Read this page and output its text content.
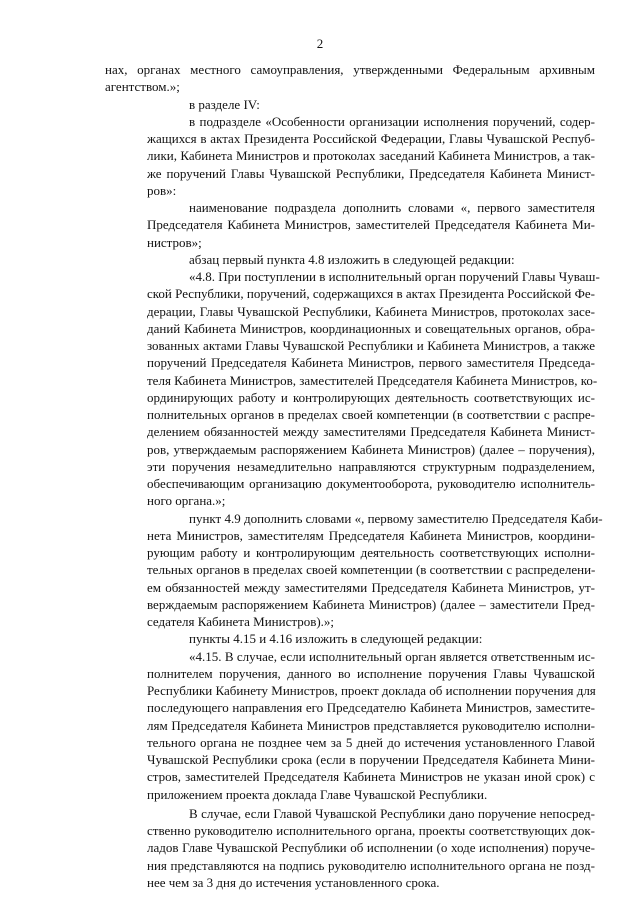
2

нах, органах местного самоуправления, утвержденными Федеральным архивным
агентством.»;

в разделе IV:

в подразделе «Особенности организации исполнения поручений, содер-
жащихся в актах Президента Российской Федерации, Главы Чувашской Респуб-
лики, Кабинета Министров и протоколах заседаний Кабинета Министров, а так-
же поручений Главы Чувашской Республики, Председателя Кабинета Минист-
ров»:

наименование подраздела дополнить словами «, первого заместителя
Председателя Кабинета Министров, заместителей Председателя Кабинета Ми-
нистров»;

абзац первый пункта 4.8 изложить в следующей редакции:

«4.8. При поступлении в исполнительный орган поручений Главы Чуваш-
ской Республики, поручений, содержащихся в актах Президента Российской Фе-
дерации, Главы Чувашской Республики, Кабинета Министров, протоколах засе-
даний Кабинета Министров, координационных и совещательных органов, обра-
зованных актами Главы Чувашской Республики и Кабинета Министров, а также
поручений Председателя Кабинета Министров, первого заместителя Председа-
теля Кабинета Министров, заместителей Председателя Кабинета Министров, ко-
ординирующих работу и контролирующих деятельность соответствующих ис-
полнительных органов в пределах своей компетенции (в соответствии с распре-
делением обязанностей между заместителями Председателя Кабинета Минист-
ров, утверждаемым распоряжением Кабинета Министров) (далее – поручения),
эти поручения незамедлительно направляются структурным подразделением,
обеспечивающим организацию документооборота, руководителю исполнитель-
ного органа.»;

пункт 4.9 дополнить словами «, первому заместителю Председателя Каби-
нета Министров, заместителям Председателя Кабинета Министров, координи-
рующим работу и контролирующим деятельность соответствующих исполни-
тельных органов в пределах своей компетенции (в соответствии с распределени-
ем обязанностей между заместителями Председателя Кабинета Министров, ут-
верждаемым распоряжением Кабинета Министров) (далее – заместители Пред-
седателя Кабинета Министров).»;

пункты 4.15 и 4.16 изложить в следующей редакции:

«4.15. В случае, если исполнительный орган является ответственным ис-
полнителем поручения, данного во исполнение поручения Главы Чувашской
Республики Кабинету Министров, проект доклада об исполнении поручения для
последующего направления его Председателю Кабинета Министров, заместите-
лям Председателя Кабинета Министров представляется руководителю исполни-
тельного органа не позднее чем за 5 дней до истечения установленного Главой
Чувашской Республики срока (если в поручении Председателя Кабинета Мини-
стров, заместителей Председателя Кабинета Министров не указан иной срок) с
приложением проекта доклада Главе Чувашской Республики.

В случае, если Главой Чувашской Республики дано поручение непосред-
ственно руководителю исполнительного органа, проекты соответствующих док-
ладов Главе Чувашской Республики об исполнении (о ходе исполнения) поруче-
ния представляются на подпись руководителю исполнительного органа не позд-
нее чем за 3 дня до истечения установленного срока.
